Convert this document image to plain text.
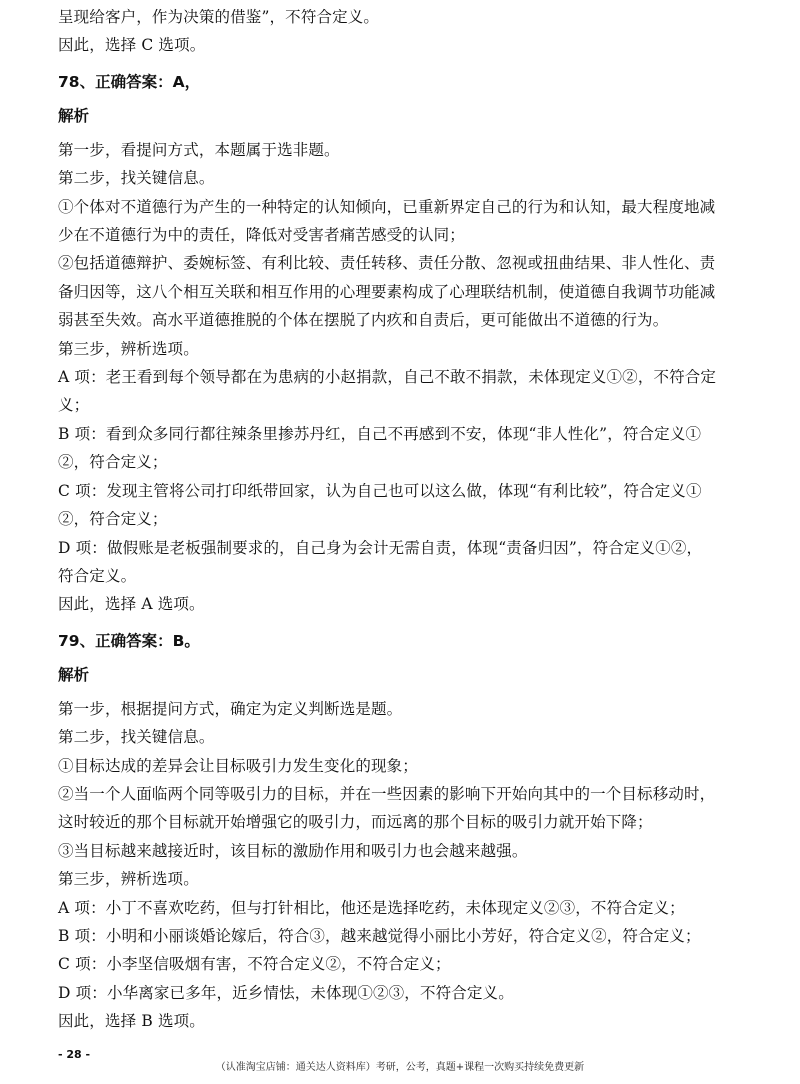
呈现给客户，作为决策的借鉴”，不符合定义。
因此，选择 C 选项。
78、正确答案：A，
解析
第一步，看提问方式，本题属于选非题。
第二步，找关键信息。
①个体对不道德行为产生的一种特定的认知倾向，已重新界定自己的行为和认知，最大程度地减
少在不道德行为中的责任，降低对受害者痛苦感受的认同；
②包括道德辩护、委婉标签、有利比较、责任转移、责任分散、忽视或扭曲结果、非人性化、责
备归因等，这八个相互关联和相互作用的心理要素构成了心理联结机制，使道德自我调节功能减
弱甚至失效。高水平道德推脱的个体在摆脱了内疚和自责后，更可能做出不道德的行为。
第三步，辨析选项。
A 项：老王看到每个领导都在为患病的小赵捐款，自己不敢不捐款，未体现定义①②，不符合定
义；
B 项：看到众多同行都往辣条里掺苏丹红，自己不再感到不安，体现“非人性化”，符合定义①
②，符合定义；
C 项：发现主管将公司打印纸带回家，认为自己也可以这么做，体现“有利比较”，符合定义①
②，符合定义；
D 项：做假账是老板强制要求的，自己身为会计无需自责，体现“责备归因”，符合定义①②，
符合定义。
因此，选择 A 选项。
79、正确答案：B。
解析
第一步，根据提问方式，确定为定义判断选是题。
第二步，找关键信息。
①目标达成的差异会让目标吸引力发生变化的现象；
②当一个人面临两个同等吸引力的目标，并在一些因素的影响下开始向其中的一个目标移动时，
这时较近的那个目标就开始增强它的吸引力，而远离的那个目标的吸引力就开始下降；
③当目标越来越接近时，该目标的激励作用和吸引力也会越来越强。
第三步，辨析选项。
A 项：小丁不喜欢吃药，但与打针相比，他还是选择吃药，未体现定义②③，不符合定义；
B 项：小明和小丽谈婚论嫁后，符合③，越来越觉得小丽比小芳好，符合定义②，符合定义；
C 项：小李坚信吸烟有害，不符合定义②，不符合定义；
D 项：小华离家已多年，近乡情怯，未体现①②③，不符合定义。
因此，选择 B 选项。
- 28 -
（认准淘宝店铺：通关达人资料库）考研，公考，真题+课程一次购买持续免费更新
